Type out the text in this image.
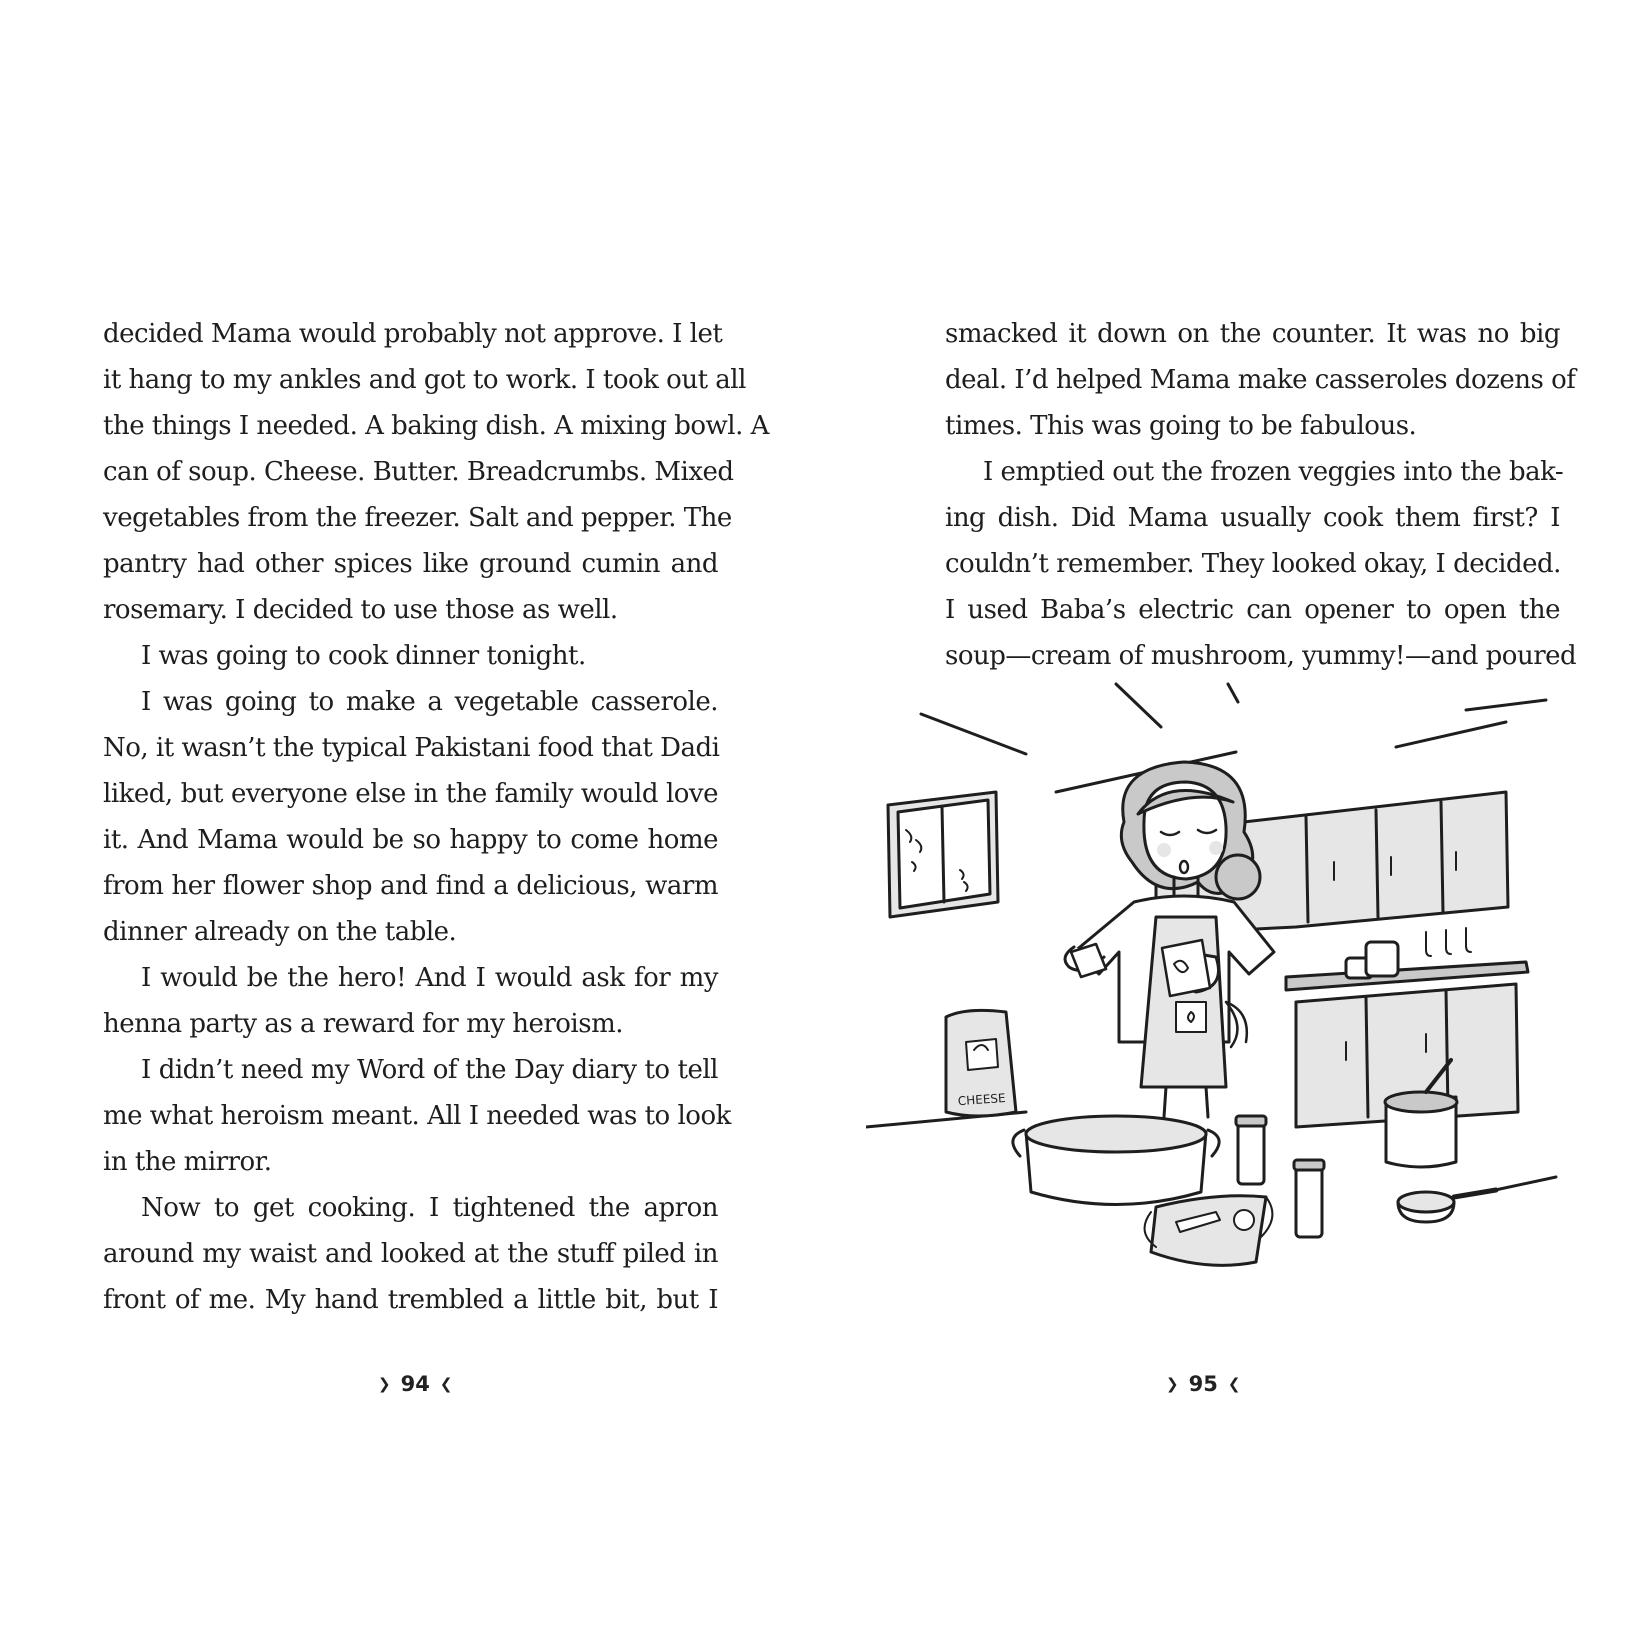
decided Mama would probably not approve. I let
it hang to my ankles and got to work. I took out all
the things I needed. A baking dish. A mixing bowl. A
can of soup. Cheese. Butter. Breadcrumbs. Mixed
vegetables from the freezer. Salt and pepper. The
pantry had other spices like ground cumin and
rosemary. I decided to use those as well.
I was going to cook dinner tonight.
I was going to make a vegetable casserole.
No, it wasn’t the typical Pakistani food that Dadi
liked, but everyone else in the family would love
it. And Mama would be so happy to come home
from her flower shop and find a delicious, warm
dinner already on the table.
I would be the hero! And I would ask for my
henna party as a reward for my heroism.
I didn’t need my Word of the Day diary to tell
me what heroism meant. All I needed was to look
in the mirror.
Now to get cooking. I tightened the apron
around my waist and looked at the stuff piled in
front of me. My hand trembled a little bit, but I
❯ 94 ❮
smacked it down on the counter. It was no big
deal. I’d helped Mama make casseroles dozens of
times. This was going to be fabulous.
I emptied out the frozen veggies into the bak-
ing dish. Did Mama usually cook them first? I
couldn’t remember. They looked okay, I decided.
I used Baba’s electric can opener to open the
soup—cream of mushroom, yummy!—and poured
CHEESE
❯ 95 ❮
